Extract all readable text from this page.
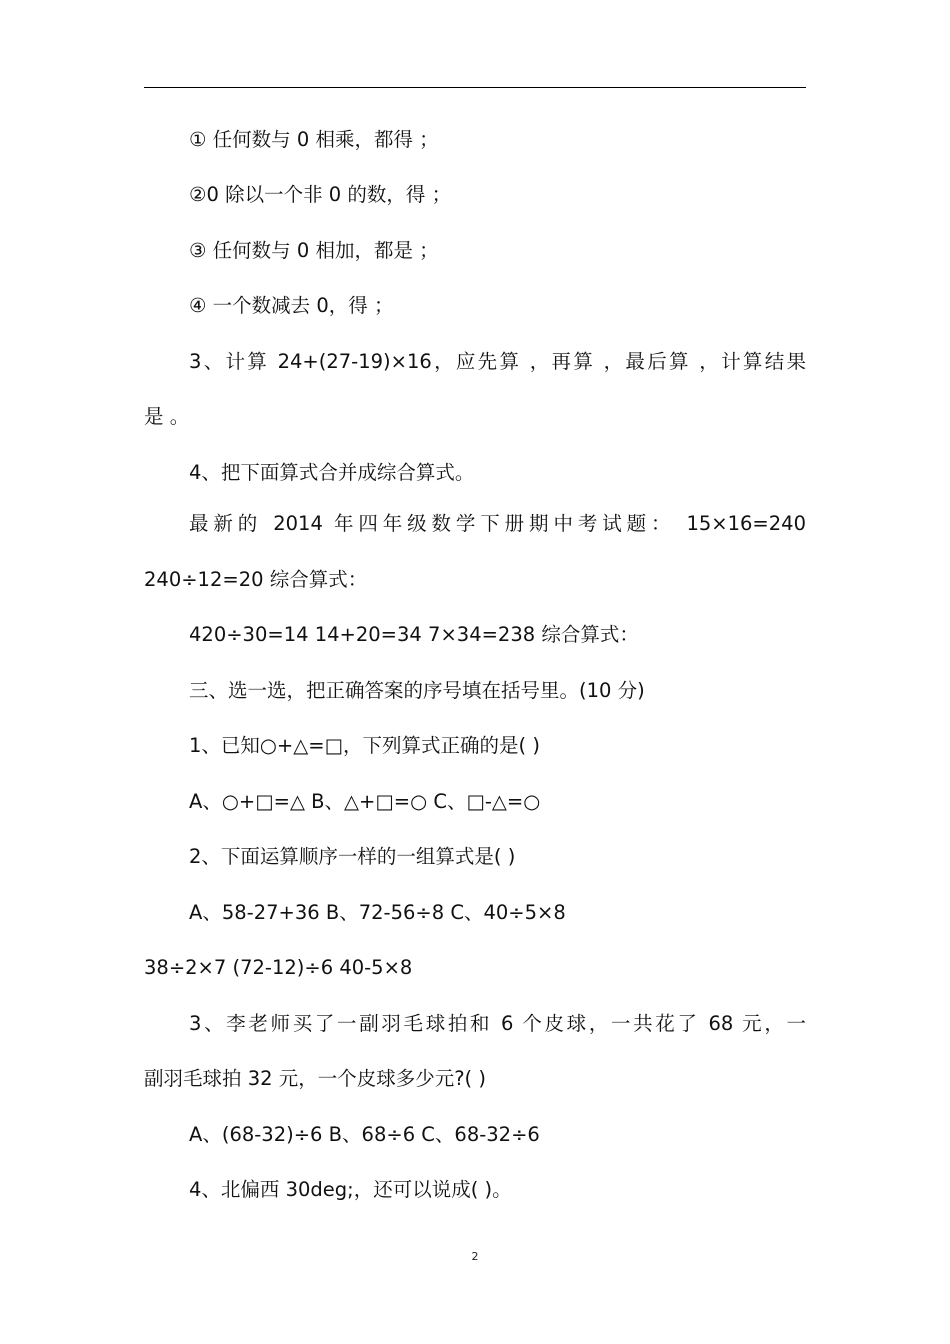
① 任何数与 0 相乘，都得 ；
②0 除以一个非 0 的数，得 ；
③ 任何数与 0 相加，都是 ；
④ 一个数减去 0，得 ；
3、计算 24+(27-19)×16，应先算 ，再算 ，最后算 ，计算结果
是 。
4、把下面算式合并成综合算式。
最新的 2014 年四年级数学下册期中考试题： 15×16=240
240÷12=20 综合算式：
420÷30=14 14+20=34 7×34=238 综合算式：
三、选一选，把正确答案的序号填在括号里。(10 分)
1、已知○+△=□，下列算式正确的是( )
A、○+□=△ B、△+□=○ C、□-△=○
2、下面运算顺序一样的一组算式是( )
A、58-27+36 B、72-56÷8 C、40÷5×8
38÷2×7 (72-12)÷6 40-5×8
3、李老师买了一副羽毛球拍和 6 个皮球，一共花了 68 元，一
副羽毛球拍 32 元，一个皮球多少元?( )
A、(68-32)÷6 B、68÷6 C、68-32÷6
4、北偏西 30deg;，还可以说成( )。
2
